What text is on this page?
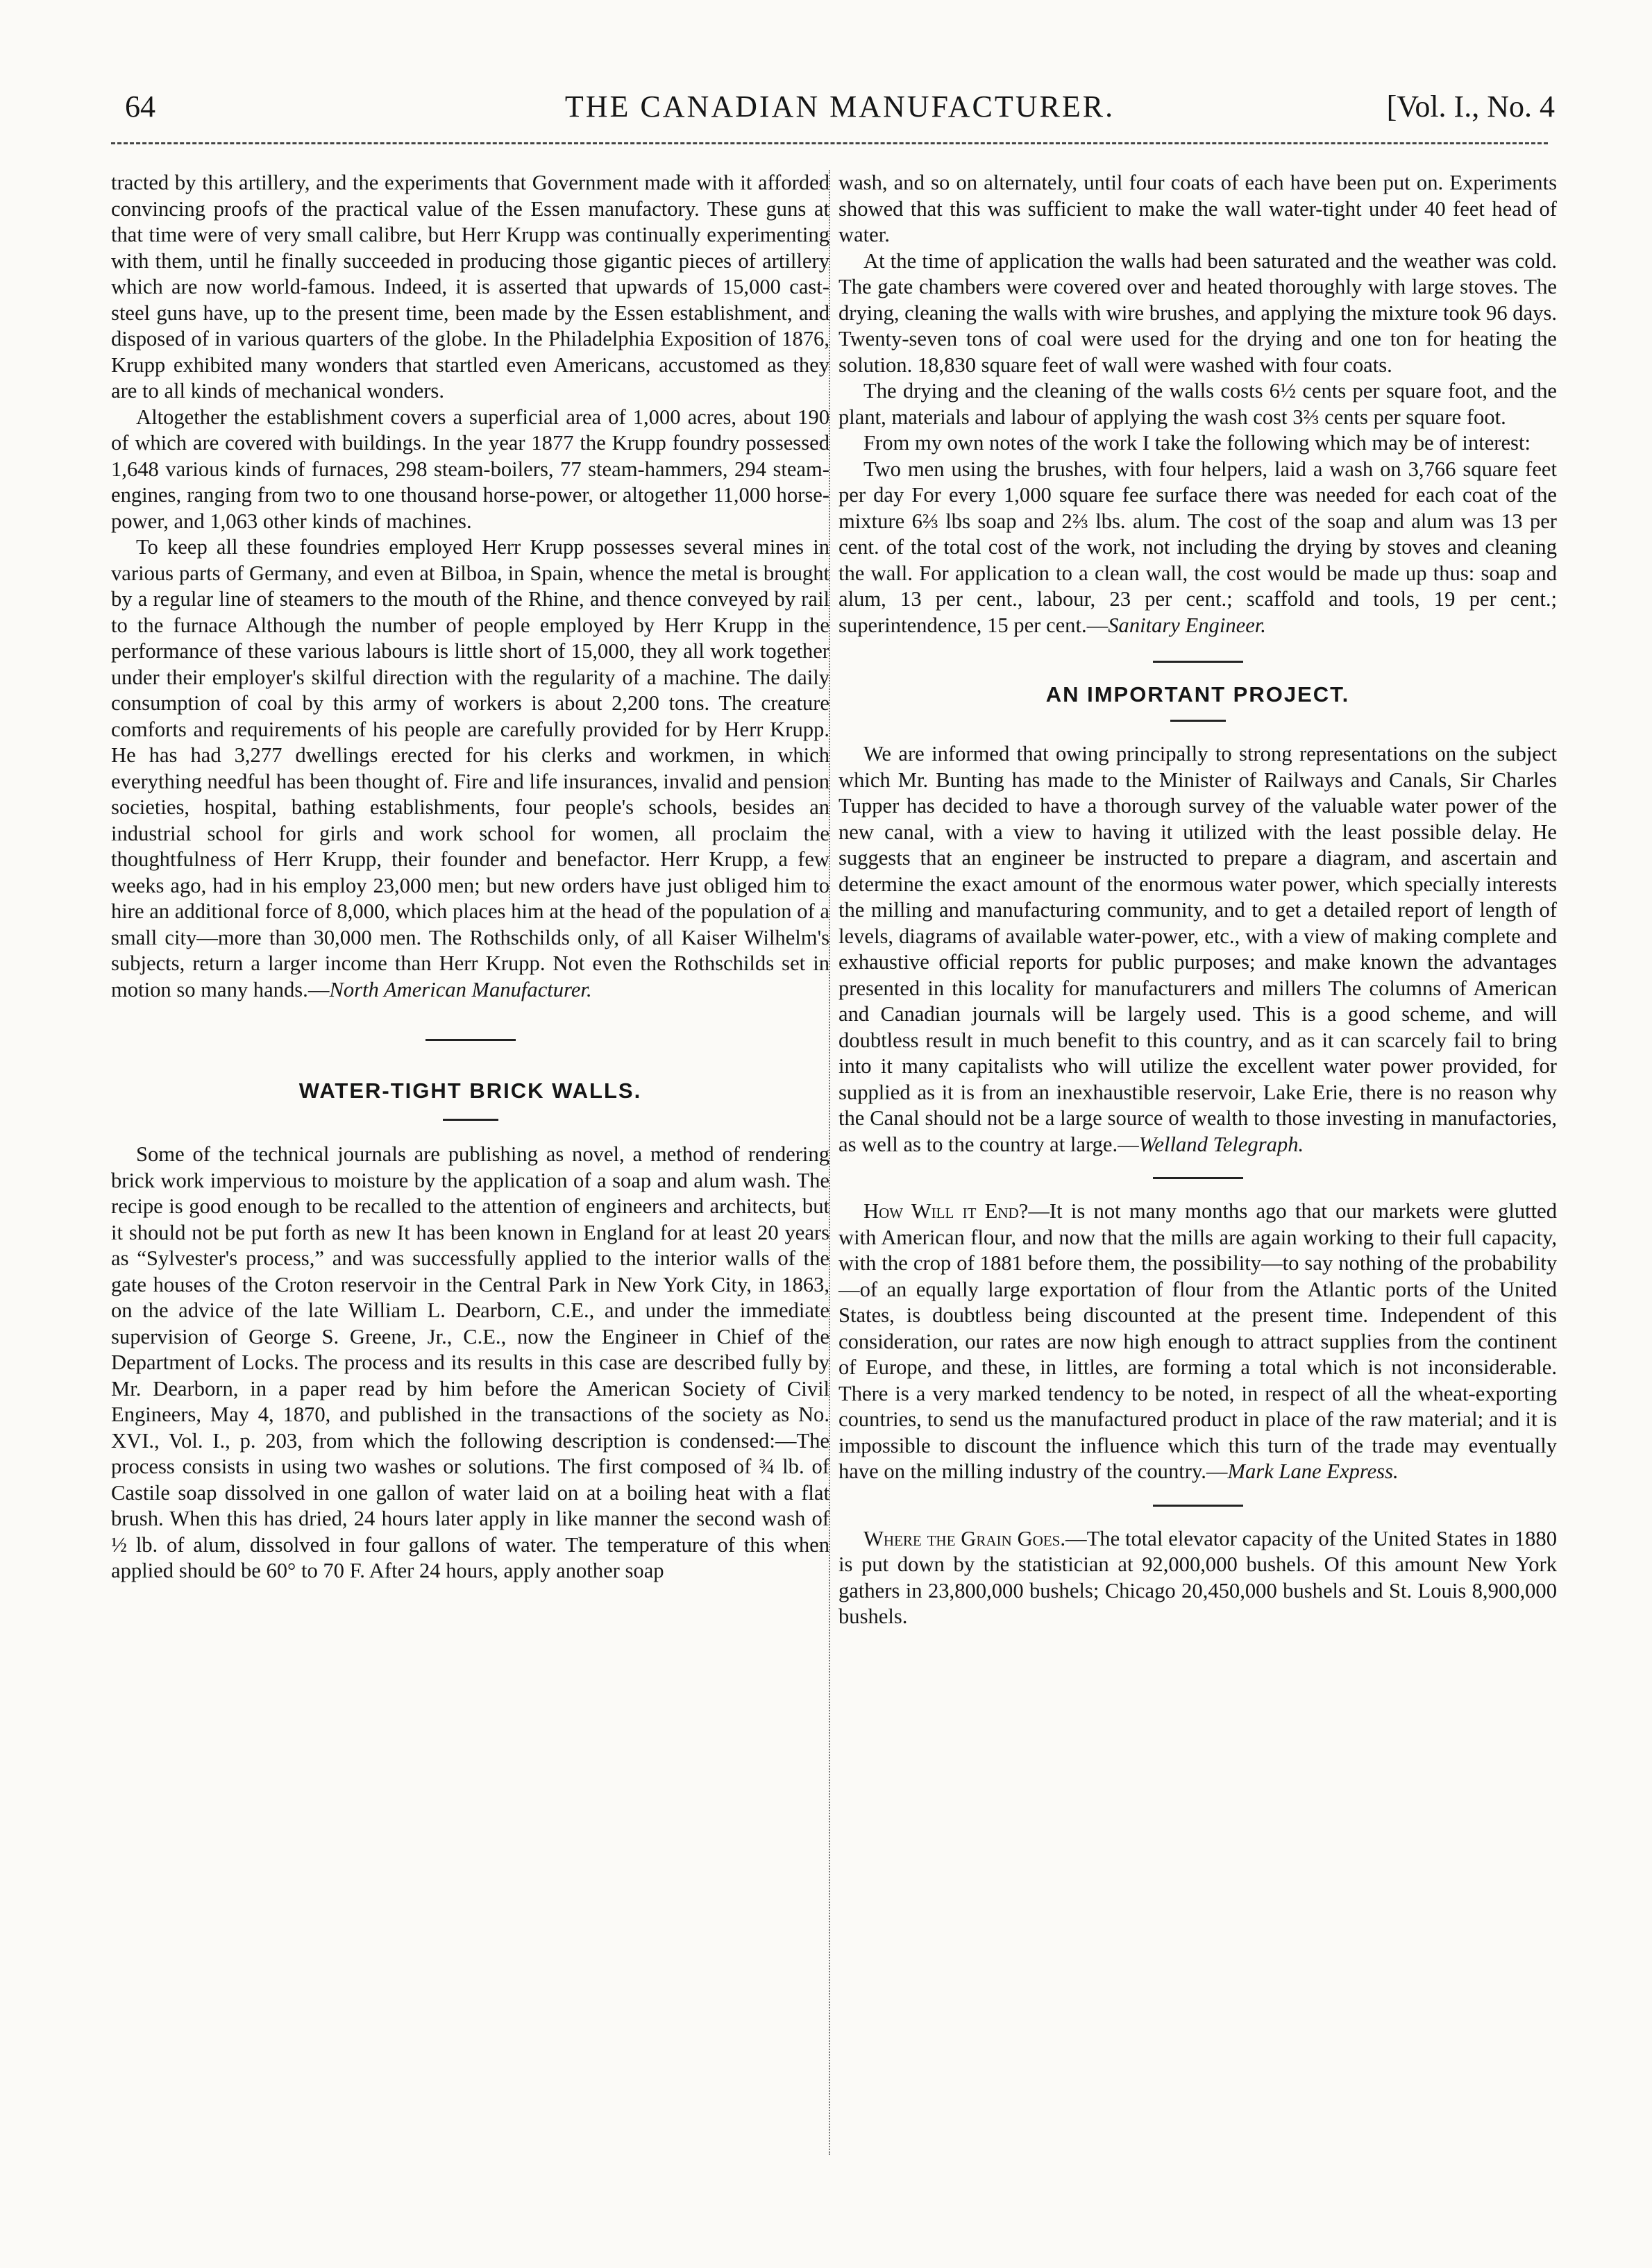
64	THE CANADIAN MANUFACTURER.	[Vol. I., No. 4

tracted by this artillery, and the experiments that Government made with it afforded convincing proofs of the practical value of the Essen manufactory. These guns at that time were of very small calibre, but Herr Krupp was continually experimenting with them, until he finally succeeded in producing those gigantic pieces of artillery which are now world-famous. Indeed, it is asserted that upwards of 15,000 cast-steel guns have, up to the present time, been made by the Essen establishment, and disposed of in various quarters of the globe. In the Philadelphia Exposition of 1876, Krupp exhibited many wonders that startled even Americans, accustomed as they are to all kinds of mechanical wonders.

Altogether the establishment covers a superficial area of 1,000 acres, about 190 of which are covered with buildings. In the year 1877 the Krupp foundry possessed 1,648 various kinds of furnaces, 298 steam-boilers, 77 steam-hammers, 294 steam-engines, ranging from two to one thousand horse-power, or altogether 11,000 horse-power, and 1,063 other kinds of machines.

To keep all these foundries employed Herr Krupp possesses several mines in various parts of Germany, and even at Bilboa, in Spain, whence the metal is brought by a regular line of steamers to the mouth of the Rhine, and thence conveyed by rail to the furnace Although the number of people employed by Herr Krupp in the performance of these various labours is little short of 15,000, they all work together under their employer's skilful direction with the regularity of a machine. The daily consumption of coal by this army of workers is about 2,200 tons. The creature comforts and requirements of his people are carefully provided for by Herr Krupp. He has had 3,277 dwellings erected for his clerks and workmen, in which everything needful has been thought of. Fire and life insurances, invalid and pension societies, hospital, bathing establishments, four people's schools, besides an industrial school for girls and work school for women, all proclaim the thoughtfulness of Herr Krupp, their founder and benefactor. Herr Krupp, a few weeks ago, had in his employ 23,000 men; but new orders have just obliged him to hire an additional force of 8,000, which places him at the head of the population of a small city—more than 30,000 men. The Rothschilds only, of all Kaiser Wilhelm's subjects, return a larger income than Herr Krupp. Not even the Rothschilds set in motion so many hands.—North American Manufacturer.

WATER-TIGHT BRICK WALLS.

Some of the technical journals are publishing as novel, a method of rendering brick work impervious to moisture by the application of a soap and alum wash. The recipe is good enough to be recalled to the attention of engineers and architects, but it should not be put forth as new It has been known in England for at least 20 years as “Sylvester's process,” and was successfully applied to the interior walls of the gate houses of the Croton reservoir in the Central Park in New York City, in 1863, on the advice of the late William L. Dearborn, C.E., and under the immediate supervision of George S. Greene, Jr., C.E., now the Engineer in Chief of the Department of Locks. The process and its results in this case are described fully by Mr. Dearborn, in a paper read by him before the American Society of Civil Engineers, May 4, 1870, and published in the transactions of the society as No. XVI., Vol. I., p. 203, from which the following description is condensed:—The process consists in using two washes or solutions. The first composed of ¾ lb. of Castile soap dissolved in one gallon of water laid on at a boiling heat with a flat brush. When this has dried, 24 hours later apply in like manner the second wash of ½ lb. of alum, dissolved in four gallons of water. The temperature of this when applied should be 60° to 70 F. After 24 hours, apply another soap

wash, and so on alternately, until four coats of each have been put on. Experiments showed that this was sufficient to make the wall water-tight under 40 feet head of water.

At the time of application the walls had been saturated and the weather was cold. The gate chambers were covered over and heated thoroughly with large stoves. The drying, cleaning the walls with wire brushes, and applying the mixture took 96 days. Twenty-seven tons of coal were used for the drying and one ton for heating the solution. 18,830 square feet of wall were washed with four coats.

The drying and the cleaning of the walls costs 6½ cents per square foot, and the plant, materials and labour of applying the wash cost 3⅔ cents per square foot.

From my own notes of the work I take the following which may be of interest:

Two men using the brushes, with four helpers, laid a wash on 3,766 square feet per day For every 1,000 square fee surface there was needed for each coat of the mixture 6⅔ lbs soap and 2⅔ lbs. alum. The cost of the soap and alum was 13 per cent. of the total cost of the work, not including the drying by stoves and cleaning the wall. For application to a clean wall, the cost would be made up thus: soap and alum, 13 per cent., labour, 23 per cent.; scaffold and tools, 19 per cent.; superintendence, 15 per cent.—Sanitary Engineer.

AN IMPORTANT PROJECT.

We are informed that owing principally to strong representations on the subject which Mr. Bunting has made to the Minister of Railways and Canals, Sir Charles Tupper has decided to have a thorough survey of the valuable water power of the new canal, with a view to having it utilized with the least possible delay. He suggests that an engineer be instructed to prepare a diagram, and ascertain and determine the exact amount of the enormous water power, which specially interests the milling and manufacturing community, and to get a detailed report of length of levels, diagrams of available water-power, etc., with a view of making complete and exhaustive official reports for public purposes; and make known the advantages presented in this locality for manufacturers and millers The columns of American and Canadian journals will be largely used. This is a good scheme, and will doubtless result in much benefit to this country, and as it can scarcely fail to bring into it many capitalists who will utilize the excellent water power provided, for supplied as it is from an inexhaustible reservoir, Lake Erie, there is no reason why the Canal should not be a large source of wealth to those investing in manufactories, as well as to the country at large.—Welland Telegraph.

How Will it End?—It is not many months ago that our markets were glutted with American flour, and now that the mills are again working to their full capacity, with the crop of 1881 before them, the possibility—to say nothing of the probability—of an equally large exportation of flour from the Atlantic ports of the United States, is doubtless being discounted at the present time. Independent of this consideration, our rates are now high enough to attract supplies from the continent of Europe, and these, in littles, are forming a total which is not inconsiderable. There is a very marked tendency to be noted, in respect of all the wheat-exporting countries, to send us the manufactured product in place of the raw material; and it is impossible to discount the influence which this turn of the trade may eventually have on the milling industry of the country.—Mark Lane Express.

Where the Grain Goes.—The total elevator capacity of the United States in 1880 is put down by the statistician at 92,000,000 bushels. Of this amount New York gathers in 23,800,000 bushels; Chicago 20,450,000 bushels and St. Louis 8,900,000 bushels.
